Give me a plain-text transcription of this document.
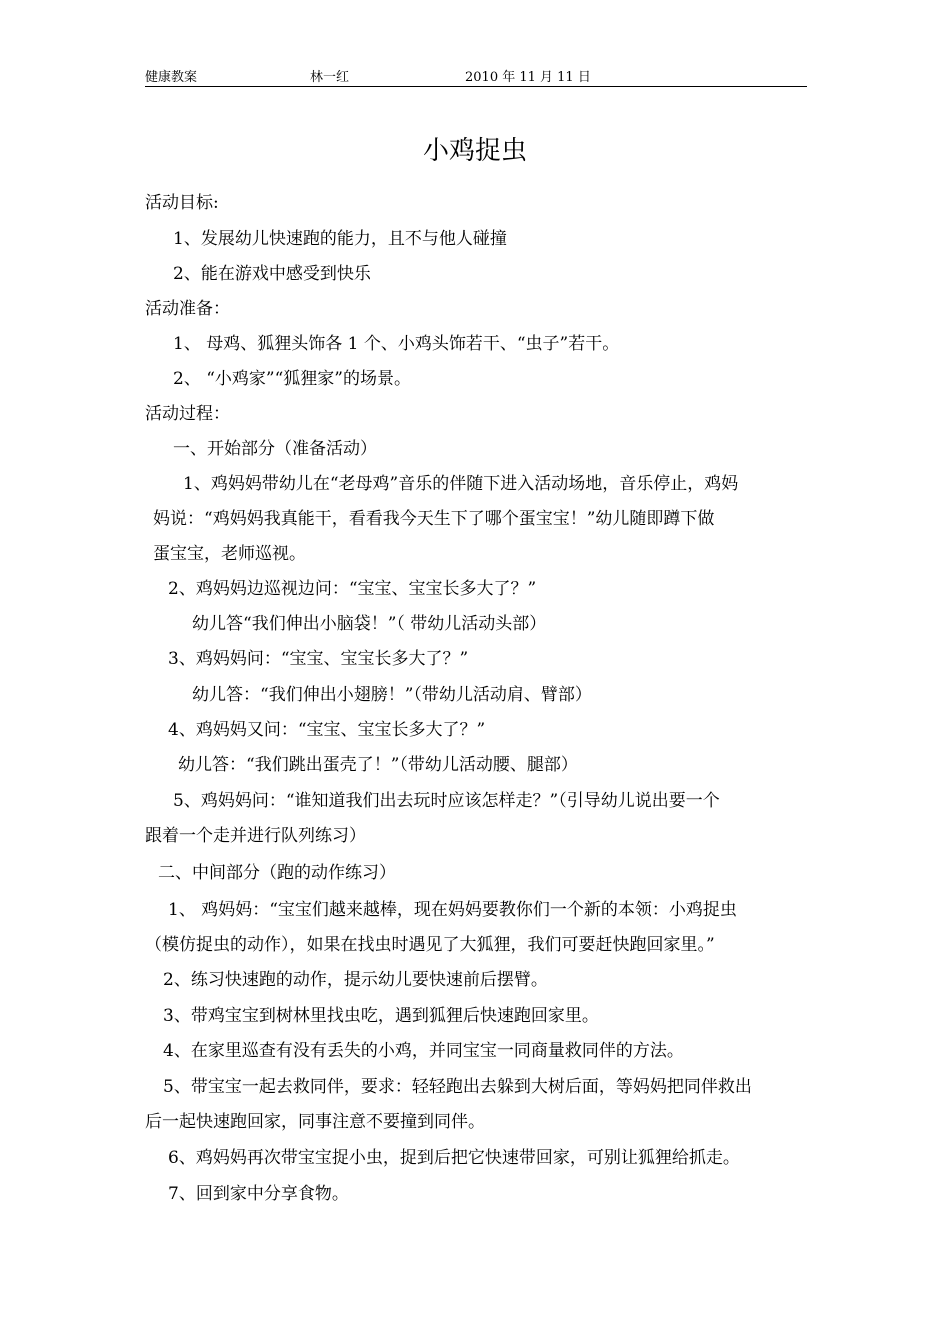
健康教案	林一红	2010 年 11 月 11 日
小鸡捉虫
活动目标:
1、发展幼儿快速跑的能力，且不与他人碰撞
2、能在游戏中感受到快乐
活动准备：
1、 母鸡、狐狸头饰各 1 个、小鸡头饰若干、“虫子”若干。
2、 “小鸡家”“狐狸家”的场景。
活动过程：
一、开始部分（准备活动）
1、鸡妈妈带幼儿在“老母鸡”音乐的伴随下进入活动场地，音乐停止，鸡妈
妈说：“鸡妈妈我真能干，看看我今天生下了哪个蛋宝宝！”幼儿随即蹲下做
蛋宝宝，老师巡视。
2、鸡妈妈边巡视边问：“宝宝、宝宝长多大了？”
幼儿答“我们伸出小脑袋！”（ 带幼儿活动头部）
3、鸡妈妈问：“宝宝、宝宝长多大了？”
幼儿答：“我们伸出小翅膀！”（带幼儿活动肩、臂部）
4、鸡妈妈又问：“宝宝、宝宝长多大了？”
幼儿答：“我们跳出蛋壳了！”（带幼儿活动腰、腿部）
5、鸡妈妈问：“谁知道我们出去玩时应该怎样走？”（引导幼儿说出要一个
跟着一个走并进行队列练习）
二、中间部分（跑的动作练习）
1、 鸡妈妈：“宝宝们越来越棒，现在妈妈要教你们一个新的本领：小鸡捉虫
（模仿捉虫的动作），如果在找虫时遇见了大狐狸，我们可要赶快跑回家里。”
2、练习快速跑的动作，提示幼儿要快速前后摆臂。
3、带鸡宝宝到树林里找虫吃，遇到狐狸后快速跑回家里。
4、在家里巡查有没有丢失的小鸡，并同宝宝一同商量救同伴的方法。
5、带宝宝一起去救同伴，要求：轻轻跑出去躲到大树后面，等妈妈把同伴救出
后一起快速跑回家，同事注意不要撞到同伴。
6、鸡妈妈再次带宝宝捉小虫，捉到后把它快速带回家，可别让狐狸给抓走。
7、回到家中分享食物。
